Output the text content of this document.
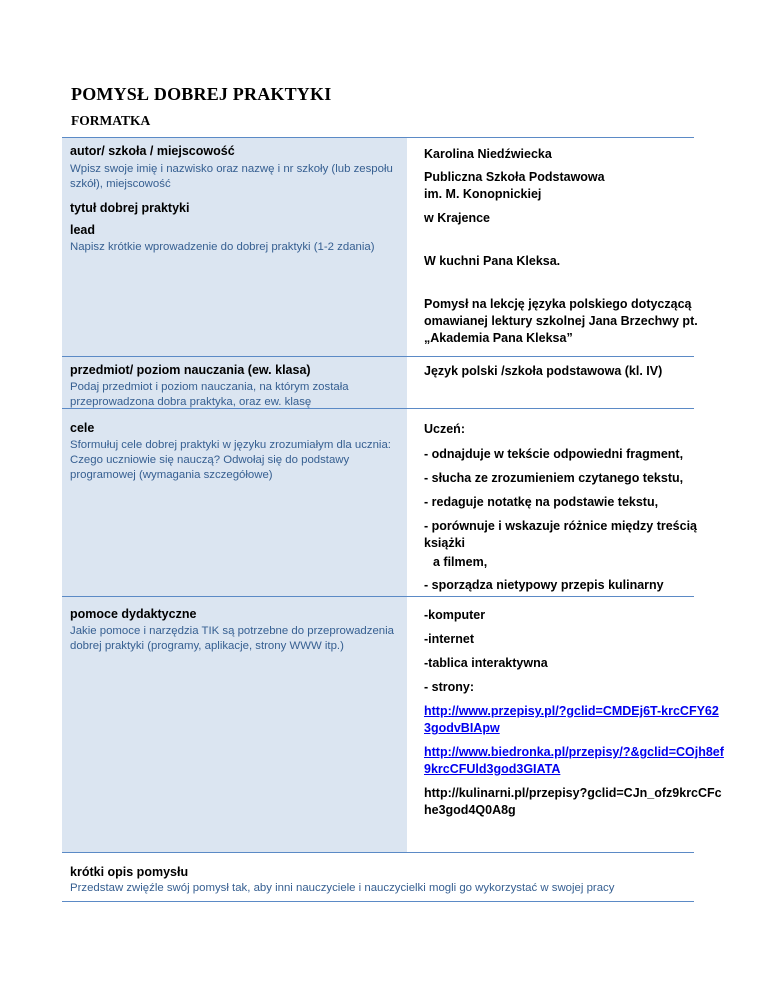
POMYSŁ DOBREJ PRAKTYKI
FORMATKA
autor/ szkoła / miejscowość
Wpisz swoje imię i nazwisko oraz nazwę i nr szkoły (lub zespołu szkół), miejscowość
tytuł dobrej praktyki
lead
Napisz krótkie wprowadzenie do dobrej praktyki (1-2 zdania)
Karolina Niedźwiecka
Publiczna Szkoła Podstawowa
im. M. Konopnickiej
w Krajence
W kuchni Pana Kleksa.
Pomysł na lekcję języka polskiego dotyczącą omawianej lektury szkolnej Jana Brzechwy pt. „Akademia Pana Kleksa”
przedmiot/ poziom nauczania (ew. klasa)
Podaj przedmiot i poziom nauczania, na którym została przeprowadzona dobra praktyka, oraz ew. klasę
Język polski /szkoła podstawowa (kl. IV)
cele
Sformułuj cele dobrej praktyki w języku zrozumiałym dla ucznia: Czego uczniowie się nauczą? Odwołaj się do podstawy programowej (wymagania szczegółowe)
Uczeń:
- odnajduje w tekście odpowiedni fragment,
- słucha ze zrozumieniem czytanego tekstu,
- redaguje notatkę na podstawie tekstu,
- porównuje i wskazuje różnice między treścią książki
a filmem,
- sporządza nietypowy przepis kulinarny
pomoce dydaktyczne
Jakie pomoce i narzędzia TIK są potrzebne do przeprowadzenia dobrej praktyki (programy, aplikacje, strony WWW itp.)
-komputer
-internet
-tablica interaktywna
- strony:
http://www.przepisy.pl/?gclid=CMDEj6T-krcCFY623godvBIApw
http://www.biedronka.pl/przepisy/?&gclid=COjh8ef9krcCFUld3god3GIATA
http://kulinarni.pl/przepisy?gclid=CJn_ofz9krcCFche3god4Q0A8g
krótki opis pomysłu
Przedstaw zwięźle swój pomysł tak, aby inni nauczyciele i nauczycielki mogli go wykorzystać w swojej pracy
